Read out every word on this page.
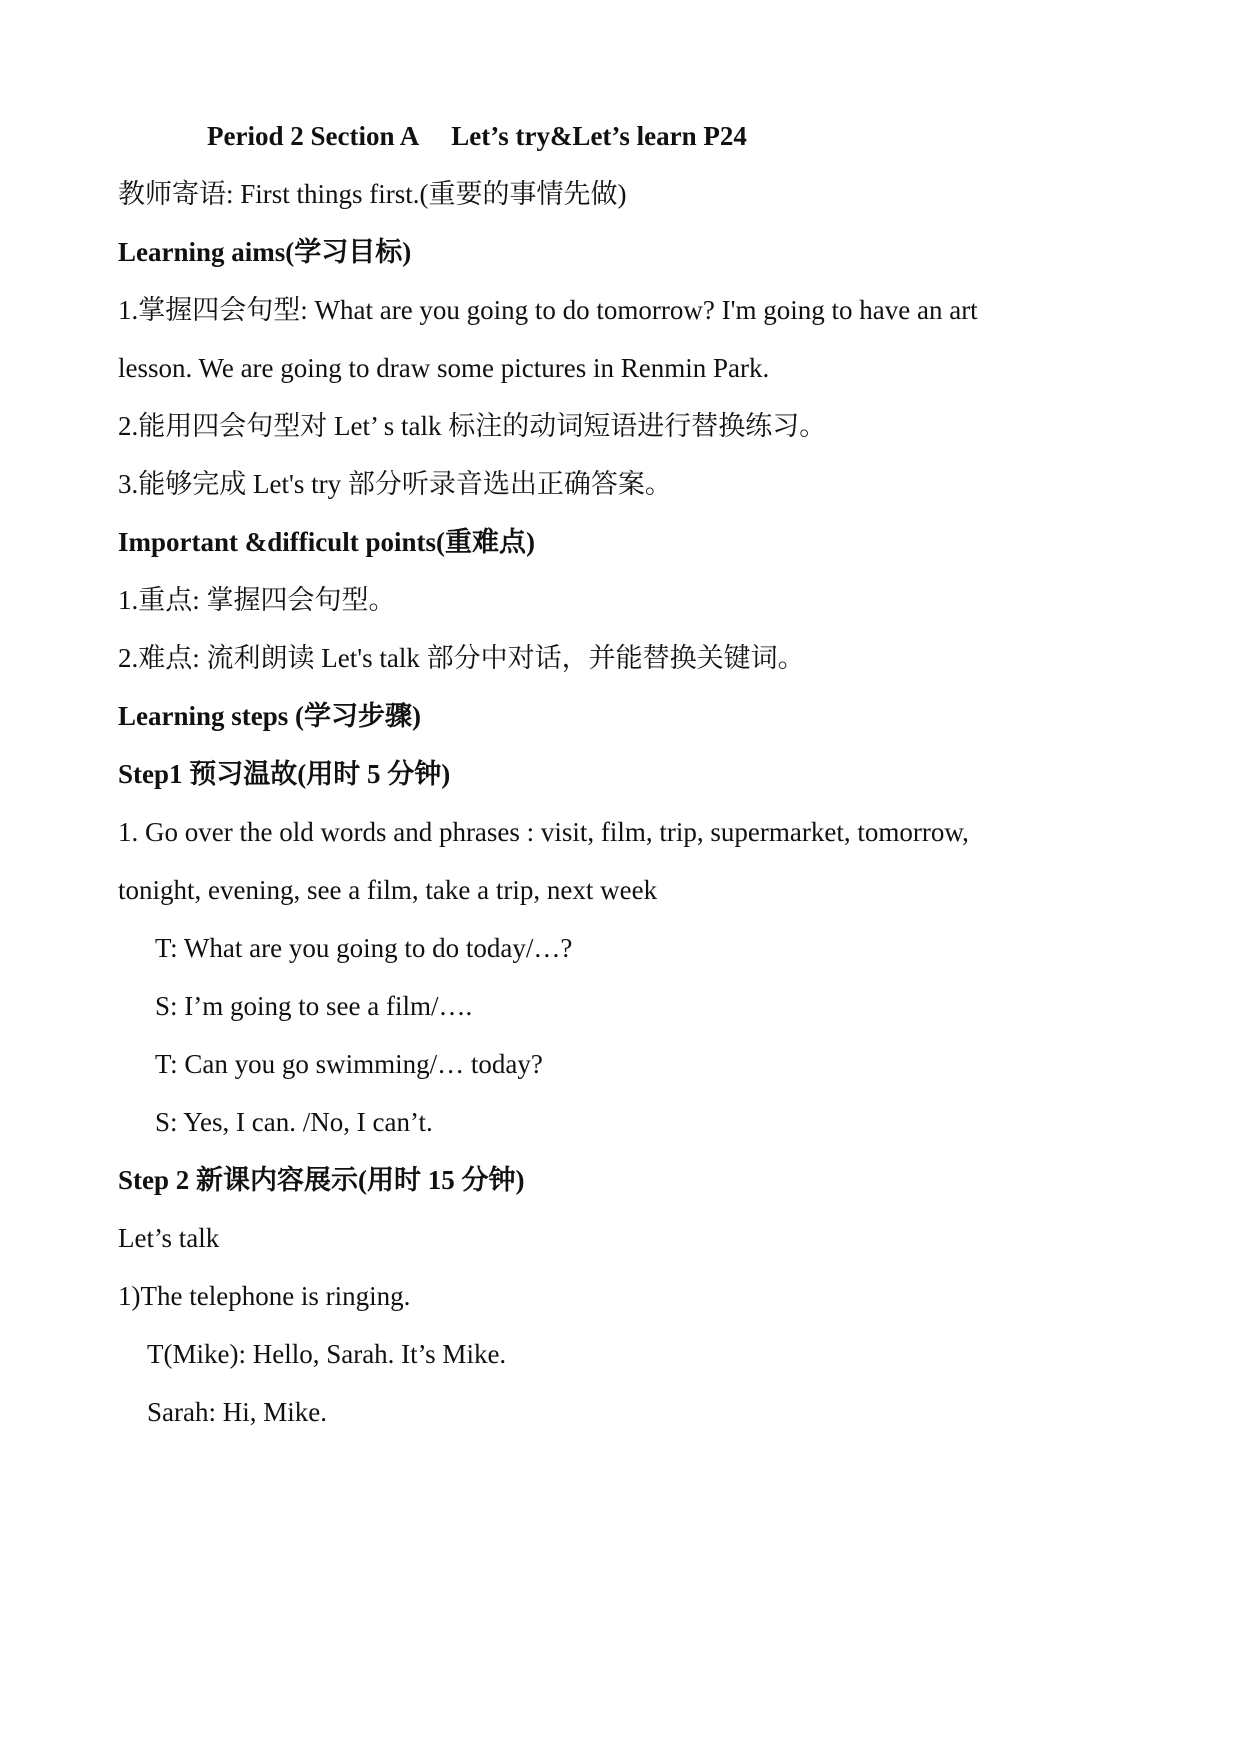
Period 2 Section A Let’s try&Let’s learn P24
教师寄语: First things first.(重要的事情先做)
Learning aims(学习目标)
1.掌握四会句型: What are you going to do tomorrow? I'm going to have an art
lesson. We are going to draw some pictures in Renmin Park.
2.能用四会句型对 Let’ s talk 标注的动词短语进行替换练习。
3.能够完成 Let's try 部分听录音选出正确答案。
Important &difficult points(重难点)
1.重点: 掌握四会句型。
2.难点: 流利朗读 Let's talk 部分中对话，并能替换关键词。
Learning steps (学习步骤)
Step1 预习温故(用时 5 分钟)
1. Go over the old words and phrases : visit, film, trip, supermarket, tomorrow,
tonight, evening, see a film, take a trip, next week
T: What are you going to do today/…?
S: I’m going to see a film/….
T: Can you go swimming/… today?
S: Yes, I can. /No, I can’t.
Step 2 新课内容展示(用时 15 分钟)
Let’s talk
1)The telephone is ringing.
T(Mike): Hello, Sarah. It’s Mike.
Sarah: Hi, Mike.
